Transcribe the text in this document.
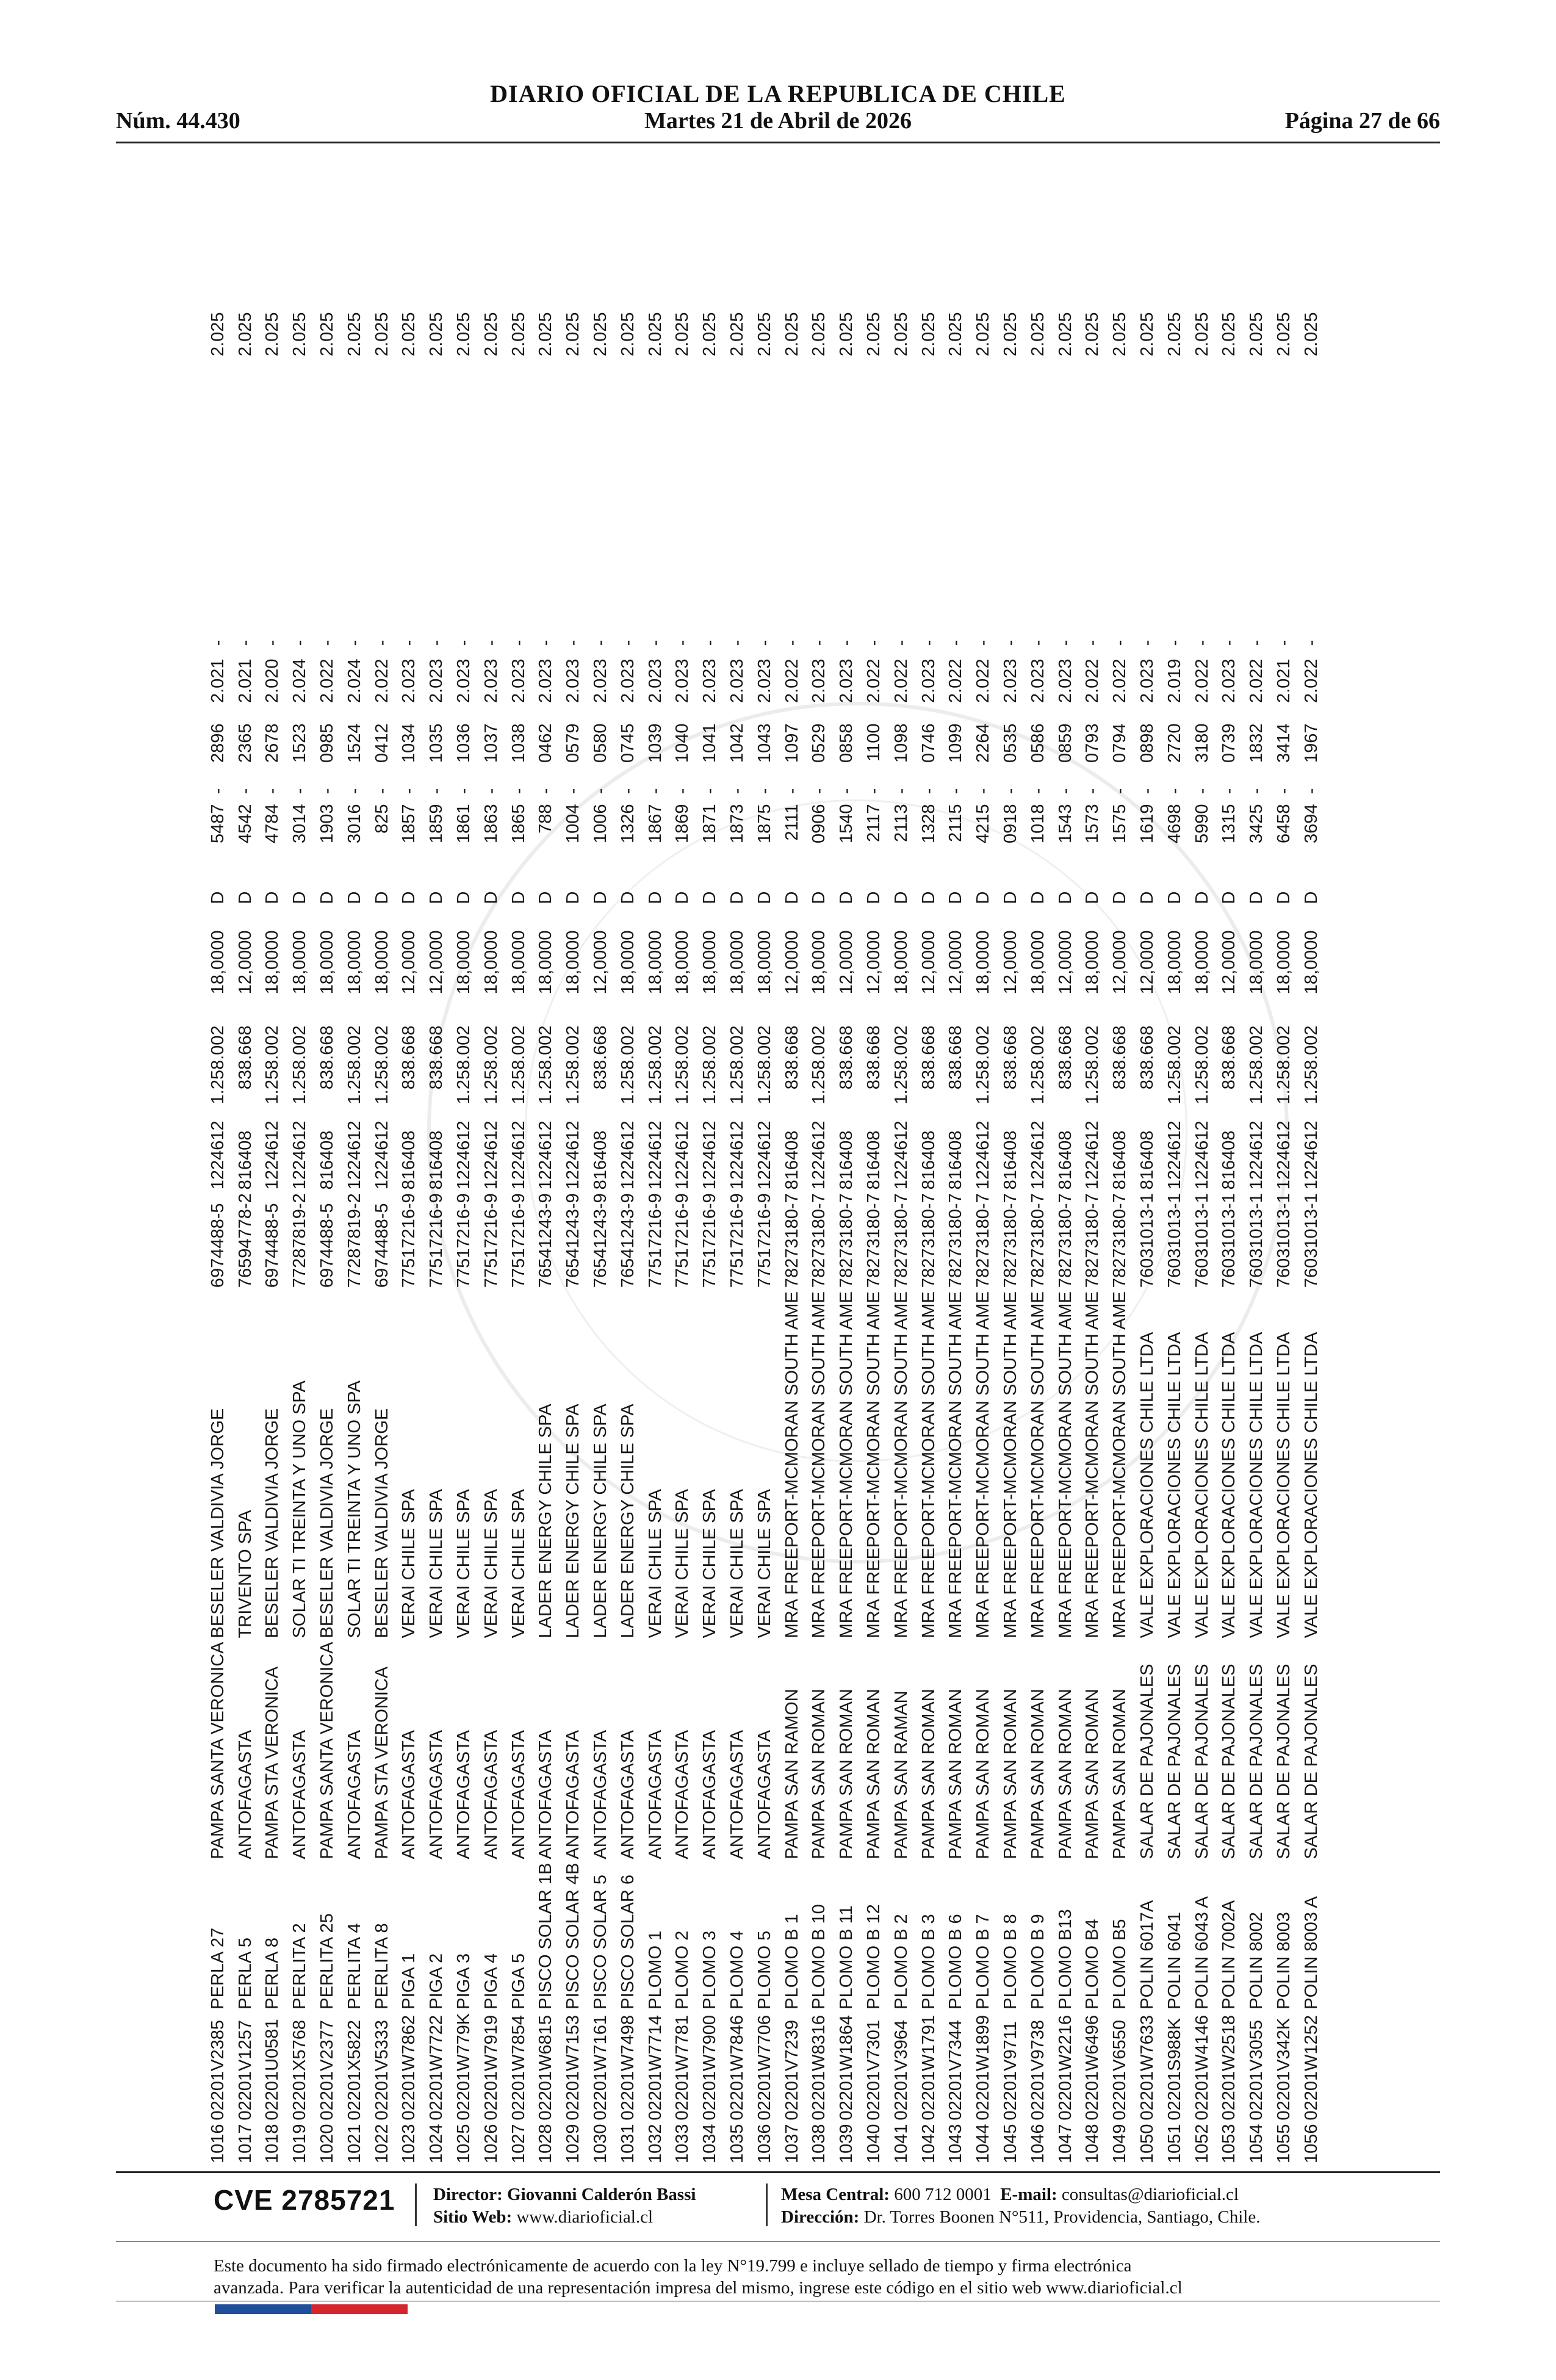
DIARIO OFICIAL DE LA REPUBLICA DE CHILE
Núm. 44.430	Martes 21 de Abril de 2026	Página 27 de 66
1016	02201V2385	PERLA 27	PAMPA SANTA VERONICA	BESELER VALDIVIA JORGE	6974488-5	1224612	1.258.002	18,0000	D	5487	-	2896	2.021	-		2.025
1017	02201V1257	PERLA 5	ANTOFAGASTA	TRIVENTO SPA	76594778-2	816408	838.668	12,0000	D	4542	-	2365	2.021	-		2.025
1018	02201U0581	PERLA 8	PAMPA STA VERONICA	BESELER VALDIVIA JORGE	6974488-5	1224612	1.258.002	18,0000	D	4784	-	2678	2.020	-		2.025
1019	02201X5768	PERLITA 2	ANTOFAGASTA	SOLAR TI TREINTA Y UNO SPA	77287819-2	1224612	1.258.002	18,0000	D	3014	-	1523	2.024	-		2.025
1020	02201V2377	PERLITA 25	PAMPA SANTA VERONICA	BESELER VALDIVIA JORGE	6974488-5	816408	838.668	18,0000	D	1903	-	0985	2.022	-		2.025
1021	02201X5822	PERLITA 4	ANTOFAGASTA	SOLAR TI TREINTA Y UNO SPA	77287819-2	1224612	1.258.002	18,0000	D	3016	-	1524	2.024	-		2.025
1022	02201V5333	PERLITA 8	PAMPA STA VERONICA	BESELER VALDIVIA JORGE	6974488-5	1224612	1.258.002	18,0000	D	825	-	0412	2.022	-		2.025
1023	02201W7862	PIGA 1	ANTOFAGASTA	VERAI CHILE SPA	77517216-9	816408	838.668	12,0000	D	1857	-	1034	2.023	-		2.025
1024	02201W7722	PIGA 2	ANTOFAGASTA	VERAI CHILE SPA	77517216-9	816408	838.668	12,0000	D	1859	-	1035	2.023	-		2.025
1025	02201W779K	PIGA 3	ANTOFAGASTA	VERAI CHILE SPA	77517216-9	1224612	1.258.002	18,0000	D	1861	-	1036	2.023	-		2.025
1026	02201W7919	PIGA 4	ANTOFAGASTA	VERAI CHILE SPA	77517216-9	1224612	1.258.002	18,0000	D	1863	-	1037	2.023	-		2.025
1027	02201W7854	PIGA 5	ANTOFAGASTA	VERAI CHILE SPA	77517216-9	1224612	1.258.002	18,0000	D	1865	-	1038	2.023	-		2.025
1028	02201W6815	PISCO SOLAR 1B	ANTOFAGASTA	LADER ENERGY CHILE SPA	76541243-9	1224612	1.258.002	18,0000	D	788	-	0462	2.023	-		2.025
1029	02201W7153	PISCO SOLAR 4B	ANTOFAGASTA	LADER ENERGY CHILE SPA	76541243-9	1224612	1.258.002	18,0000	D	1004	-	0579	2.023	-		2.025
1030	02201W7161	PISCO SOLAR 5	ANTOFAGASTA	LADER ENERGY CHILE SPA	76541243-9	816408	838.668	12,0000	D	1006	-	0580	2.023	-		2.025
1031	02201W7498	PISCO SOLAR 6	ANTOFAGASTA	LADER ENERGY CHILE SPA	76541243-9	1224612	1.258.002	18,0000	D	1326	-	0745	2.023	-		2.025
1032	02201W7714	PLOMO 1	ANTOFAGASTA	VERAI CHILE SPA	77517216-9	1224612	1.258.002	18,0000	D	1867	-	1039	2.023	-		2.025
1033	02201W7781	PLOMO 2	ANTOFAGASTA	VERAI CHILE SPA	77517216-9	1224612	1.258.002	18,0000	D	1869	-	1040	2.023	-		2.025
1034	02201W7900	PLOMO 3	ANTOFAGASTA	VERAI CHILE SPA	77517216-9	1224612	1.258.002	18,0000	D	1871	-	1041	2.023	-		2.025
1035	02201W7846	PLOMO 4	ANTOFAGASTA	VERAI CHILE SPA	77517216-9	1224612	1.258.002	18,0000	D	1873	-	1042	2.023	-		2.025
1036	02201W7706	PLOMO 5	ANTOFAGASTA	VERAI CHILE SPA	77517216-9	1224612	1.258.002	18,0000	D	1875	-	1043	2.023	-		2.025
1037	02201V7239	PLOMO B 1	PAMPA SAN RAMON	MRA FREEPORT-MCMORAN SOUTH AME	78273180-7	816408	838.668	12,0000	D	2111	-	1097	2.022	-		2.025
1038	02201W8316	PLOMO B 10	PAMPA SAN ROMAN	MRA FREEPORT-MCMORAN SOUTH AME	78273180-7	1224612	1.258.002	18,0000	D	0906	-	0529	2.023	-		2.025
1039	02201W1864	PLOMO B 11	PAMPA SAN ROMAN	MRA FREEPORT-MCMORAN SOUTH AME	78273180-7	816408	838.668	12,0000	D	1540	-	0858	2.023	-		2.025
1040	02201V7301	PLOMO B 12	PAMPA SAN ROMAN	MRA FREEPORT-MCMORAN SOUTH AME	78273180-7	816408	838.668	12,0000	D	2117	-	1100	2.022	-		2.025
1041	02201V3964	PLOMO B 2	PAMPA SAN RAMAN	MRA FREEPORT-MCMORAN SOUTH AME	78273180-7	1224612	1.258.002	18,0000	D	2113	-	1098	2.022	-		2.025
1042	02201W1791	PLOMO B 3	PAMPA SAN ROMAN	MRA FREEPORT-MCMORAN SOUTH AME	78273180-7	816408	838.668	12,0000	D	1328	-	0746	2.023	-		2.025
1043	02201V7344	PLOMO B 6	PAMPA SAN ROMAN	MRA FREEPORT-MCMORAN SOUTH AME	78273180-7	816408	838.668	12,0000	D	2115	-	1099	2.022	-		2.025
1044	02201W1899	PLOMO B 7	PAMPA SAN ROMAN	MRA FREEPORT-MCMORAN SOUTH AME	78273180-7	1224612	1.258.002	18,0000	D	4215	-	2264	2.022	-		2.025
1045	02201V9711	PLOMO B 8	PAMPA SAN ROMAN	MRA FREEPORT-MCMORAN SOUTH AME	78273180-7	816408	838.668	12,0000	D	0918	-	0535	2.023	-		2.025
1046	02201V9738	PLOMO B 9	PAMPA SAN ROMAN	MRA FREEPORT-MCMORAN SOUTH AME	78273180-7	1224612	1.258.002	18,0000	D	1018	-	0586	2.023	-		2.025
1047	02201W2216	PLOMO B13	PAMPA SAN ROMAN	MRA FREEPORT-MCMORAN SOUTH AME	78273180-7	816408	838.668	12,0000	D	1543	-	0859	2.023	-		2.025
1048	02201W6496	PLOMO B4	PAMPA SAN ROMAN	MRA FREEPORT-MCMORAN SOUTH AME	78273180-7	1224612	1.258.002	18,0000	D	1573	-	0793	2.022	-		2.025
1049	02201V6550	PLOMO B5	PAMPA SAN ROMAN	MRA FREEPORT-MCMORAN SOUTH AME	78273180-7	816408	838.668	12,0000	D	1575	-	0794	2.022	-		2.025
1050	02201W7633	POLIN 6017A	SALAR DE PAJONALES	VALE EXPLORACIONES CHILE LTDA	76031013-1	816408	838.668	12,0000	D	1619	-	0898	2.023	-		2.025
1051	02201S988K	POLIN 6041	SALAR DE PAJONALES	VALE EXPLORACIONES CHILE LTDA	76031013-1	1224612	1.258.002	18,0000	D	4698	-	2720	2.019	-		2.025
1052	02201W4146	POLIN 6043 A	SALAR DE PAJONALES	VALE EXPLORACIONES CHILE LTDA	76031013-1	1224612	1.258.002	18,0000	D	5990	-	3180	2.022	-		2.025
1053	02201W2518	POLIN 7002A	SALAR DE PAJONALES	VALE EXPLORACIONES CHILE LTDA	76031013-1	816408	838.668	12,0000	D	1315	-	0739	2.023	-		2.025
1054	02201V3055	POLIN 8002	SALAR DE PAJONALES	VALE EXPLORACIONES CHILE LTDA	76031013-1	1224612	1.258.002	18,0000	D	3425	-	1832	2.022	-		2.025
1055	02201V342K	POLIN 8003	SALAR DE PAJONALES	VALE EXPLORACIONES CHILE LTDA	76031013-1	1224612	1.258.002	18,0000	D	6458	-	3414	2.021	-		2.025
1056	02201W1252	POLIN 8003 A	SALAR DE PAJONALES	VALE EXPLORACIONES CHILE LTDA	76031013-1	1224612	1.258.002	18,0000	D	3694	-	1967	2.022	-		2.025
CVE 2785721 Director: Giovanni Calderón Bassi
Sitio Web: www.diarioficial.cl
Mesa Central: 600 712 0001 E-mail: consultas@diarioficial.cl
Dirección: Dr. Torres Boonen N°511, Providencia, Santiago, Chile.
Este documento ha sido firmado electrónicamente de acuerdo con la ley N°19.799 e incluye sellado de tiempo y firma electrónica
avanzada. Para verificar la autenticidad de una representación impresa del mismo, ingrese este código en el sitio web www.diarioficial.cl
